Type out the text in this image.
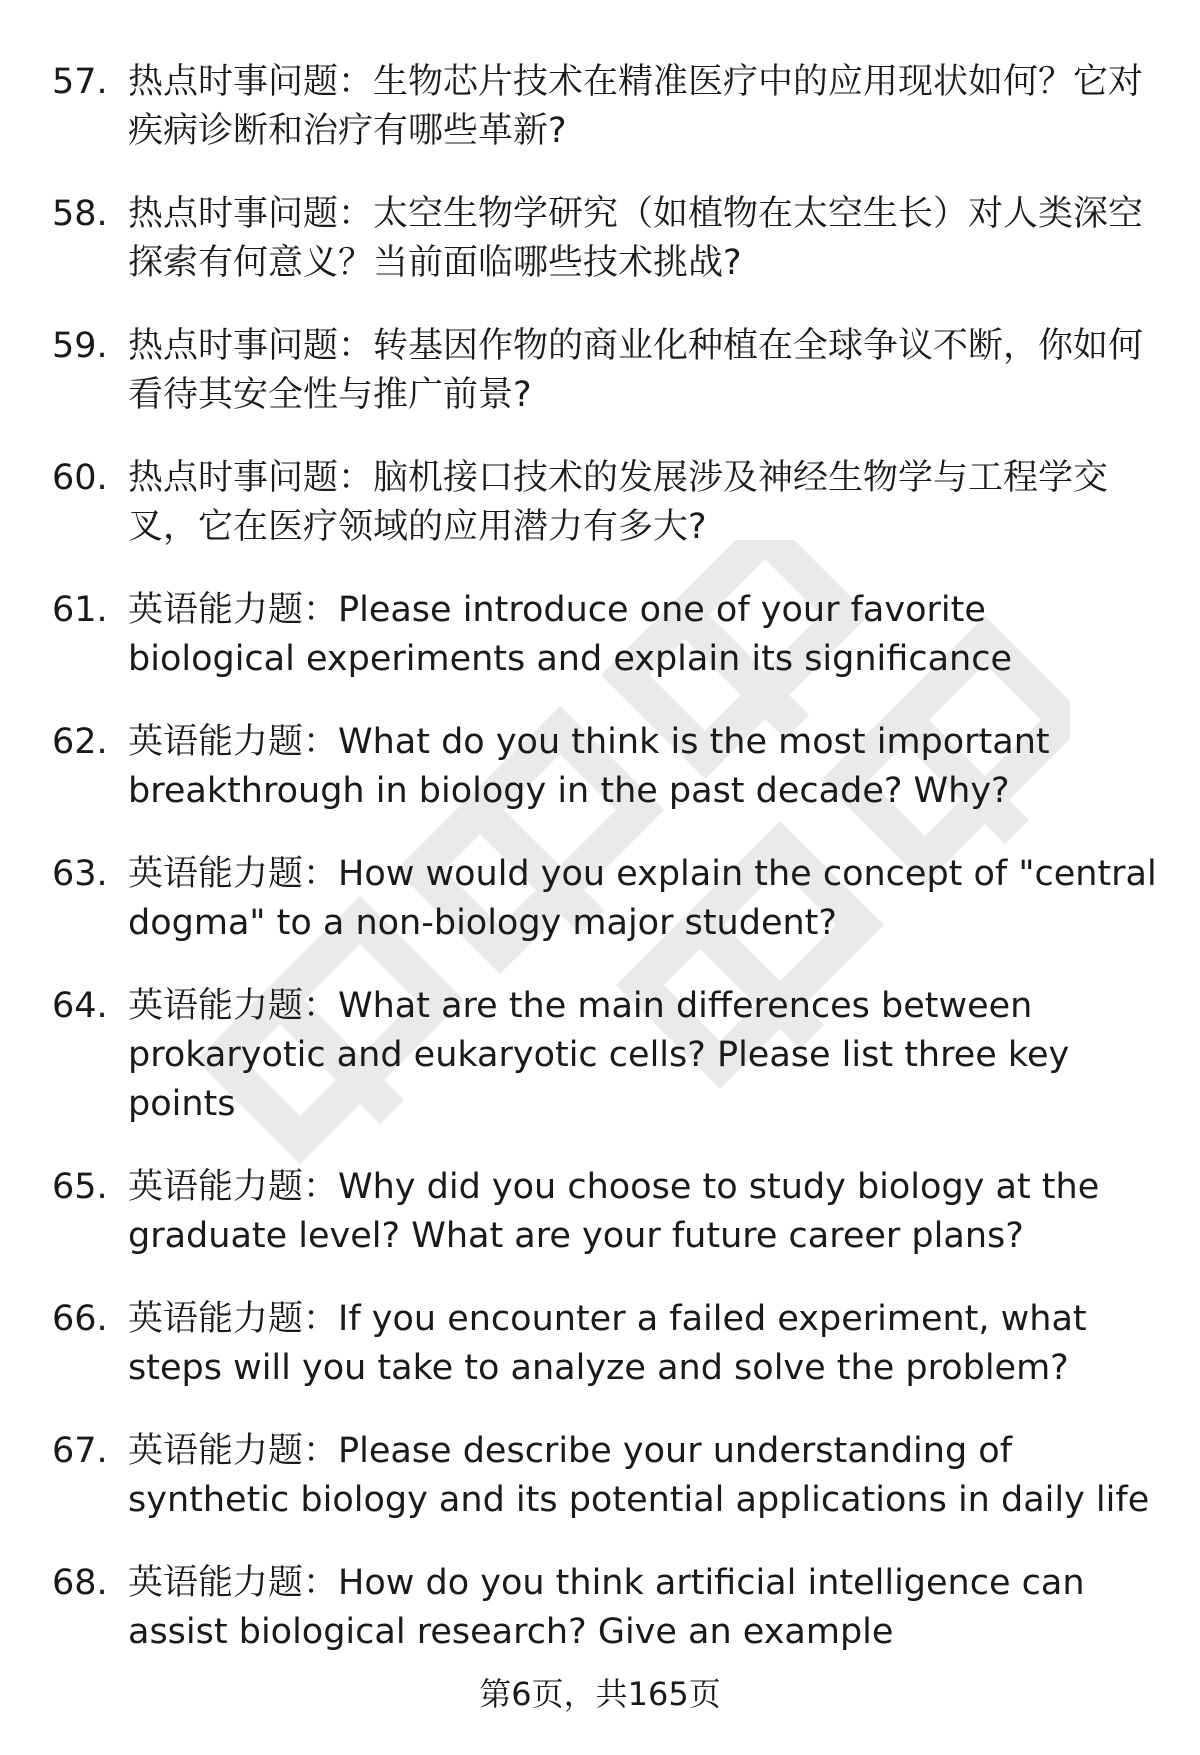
57. 热点时事问题：生物芯片技术在精准医疗中的应用现状如何？它对疾病诊断和治疗有哪些革新?
58. 热点时事问题：太空生物学研究（如植物在太空生长）对人类深空探索有何意义？当前面临哪些技术挑战?
59. 热点时事问题：转基因作物的商业化种植在全球争议不断，你如何看待其安全性与推广前景?
60. 热点时事问题：脑机接口技术的发展涉及神经生物学与工程学交叉，它在医疗领域的应用潜力有多大?
61. 英语能力题：Please introduce one of your favorite biological experiments and explain its significance
62. 英语能力题：What do you think is the most important breakthrough in biology in the past decade? Why?
63. 英语能力题：How would you explain the concept of "central dogma" to a non-biology major student?
64. 英语能力题：What are the main differences between prokaryotic and eukaryotic cells? Please list three key points
65. 英语能力题：Why did you choose to study biology at the graduate level? What are your future career plans?
66. 英语能力题：If you encounter a failed experiment, what steps will you take to analyze and solve the problem?
67. 英语能力题：Please describe your understanding of synthetic biology and its potential applications in daily life
68. 英语能力题：How do you think artificial intelligence can assist biological research? Give an example
第6页，共165页
